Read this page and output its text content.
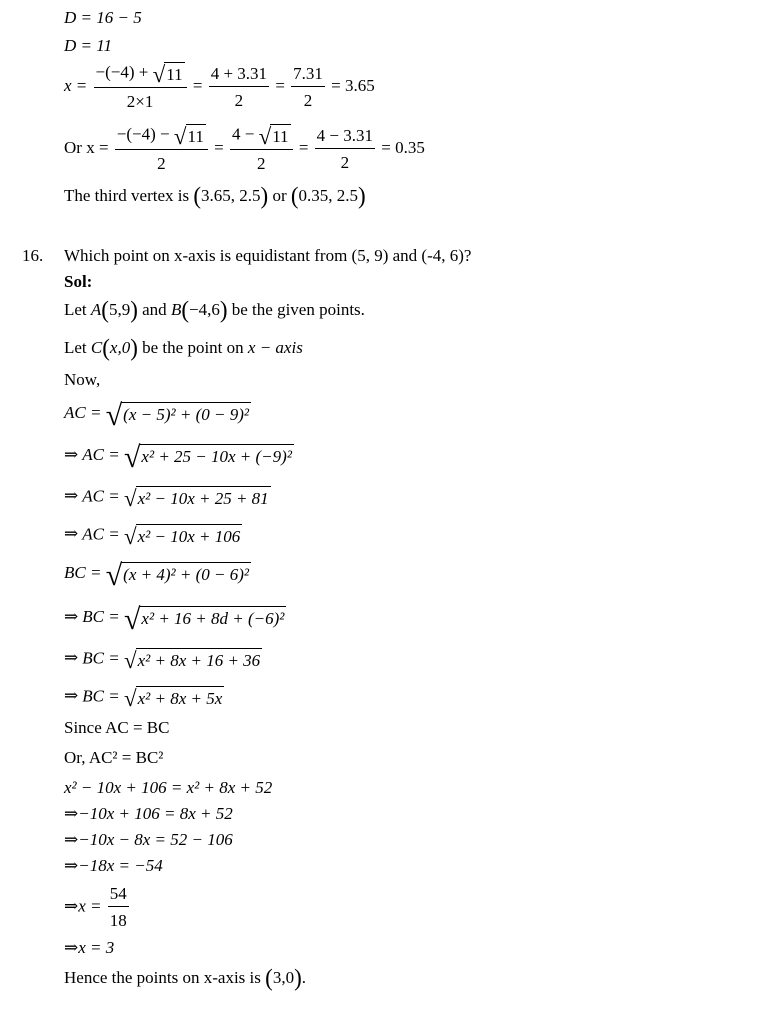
D = 16 − 5
D = 11
$x = \frac{-(-4) + √11}{2\times 1} = \frac{4 + 3.31}{2} = \frac{7.31}{2} = 3.65$
Or $x = \frac{-(-4) - √11}{2} = \frac{4 - √11}{2} = \frac{4 - 3.31}{2} = 0.35$
The third vertex is (3.65, 2.5) or (0.35, 2.5)
16. Which point on x-axis is equidistant from (5, 9) and (-4, 6)?
Sol:
Let A(5,9) and B(−4,6) be the given points.
Let C(x,0) be the point on x − axis
Now,
AC = √(x − 5)² + (0 − 9)²
⇒ AC = √x² + 25 − 10x + (−9)²
⇒ AC = √x² − 10x + 25 + 81
⇒ AC = √x² − 10x + 106
BC = √(x + 4)² + (0 − 6)²
⇒ BC = √x² + 16 + 8d + (−6)²
⇒ BC = √x² + 8x + 16 + 36
⇒ BC = √x² + 8x + 5x
Since AC = BC
Or, AC² = BC²
x² − 10x + 106 = x² + 8x + 52
⇒−10x + 106 = 8x + 52
⇒−10x − 8x = 52 − 106
⇒−18x = −54
⇒x = $\frac{54}{18}$
⇒x = 3
Hence the points on x-axis is (3,0).
